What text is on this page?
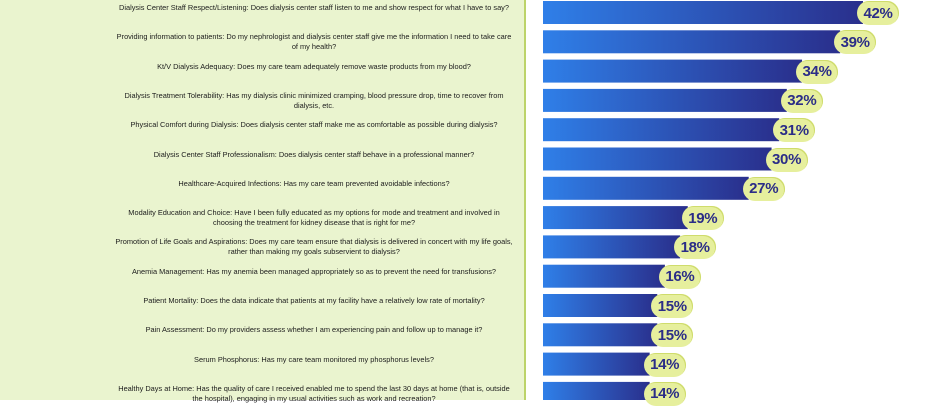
Dialysis Center Staff Respect/Listening: Does dialysis center staff listen to me and show respect for what I have to say?
Providing information to patients: Do my nephrologist and dialysis center staff give me the information I need to take care of my health?
Kt/V Dialysis Adequacy: Does my care team adequately remove waste products from my blood?
Dialysis Treatment Tolerability: Has my dialysis clinic minimized cramping, blood pressure drop, time to recover from dialysis, etc.
Physical Comfort during Dialysis: Does dialysis center staff make me as comfortable as possible during dialysis?
Dialysis Center Staff Professionalism: Does dialysis center staff behave in a professional manner?
Healthcare-Acquired Infections: Has my care team prevented avoidable infections?
Modality Education and Choice: Have I been fully educated as my options for mode and treatment and involved in choosing the treatment for kidney disease that is right for me?
Promotion of Life Goals and Aspirations: Does my care team ensure that dialysis is delivered in concert with my life goals, rather than making my goals subservient to dialysis?
Anemia Management: Has my anemia been managed appropriately so as to prevent the need for transfusions?
Patient Mortality: Does the data indicate that patients at my facility have a relatively low rate of mortality?
Pain Assessment: Do my providers assess whether I am experiencing pain and follow up to manage it?
Serum Phosphorus: Has my care team monitored my phosphorus levels?
Healthy Days at Home: Has the quality of care I received enabled me to spend the last 30 days at home (that is, outside the hospital), engaging in my usual activities such as work and recreation?
42%
39%
34%
32%
31%
30%
27%
19%
18%
16%
15%
15%
14%
14%
